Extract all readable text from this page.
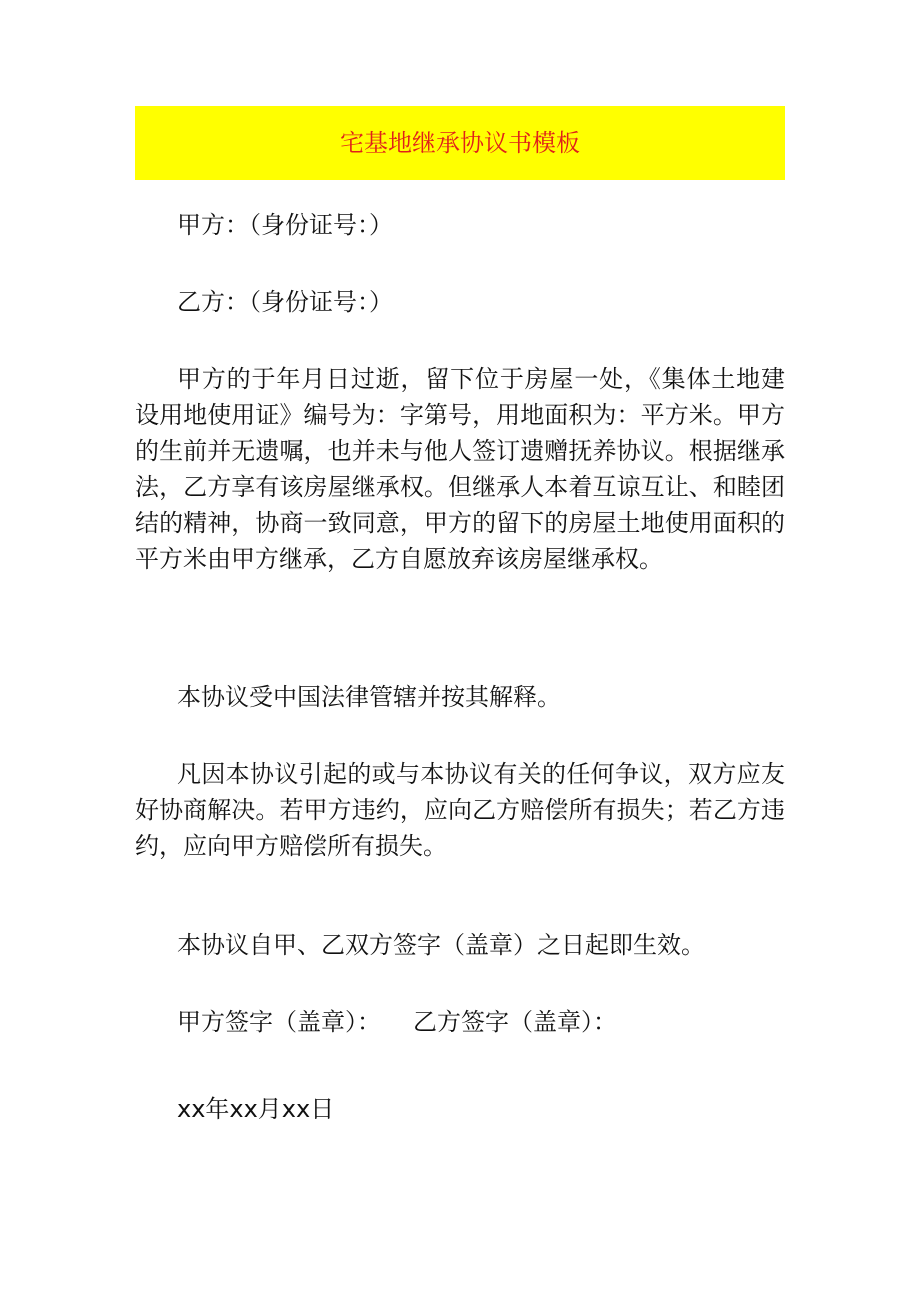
宅基地继承协议书模板

甲方：（身份证号：）

乙方：（身份证号：）

甲方的于年月日过逝，留下位于房屋一处，《集体土地建设用地使用证》编号为：字第号，用地面积为：平方米。甲方的生前并无遗嘱，也并未与他人签订遗赠抚养协议。根据继承法，乙方享有该房屋继承权。但继承人本着互谅互让、和睦团结的精神，协商一致同意，甲方的留下的房屋土地使用面积的平方米由甲方继承，乙方自愿放弃该房屋继承权。

本协议受中国法律管辖并按其解释。

凡因本协议引起的或与本协议有关的任何争议，双方应友好协商解决。若甲方违约，应向乙方赔偿所有损失；若乙方违约，应向甲方赔偿所有损失。

本协议自甲、乙双方签字（盖章）之日起即生效。

甲方签字（盖章）： 乙方签字（盖章）：

xx年xx月xx日
